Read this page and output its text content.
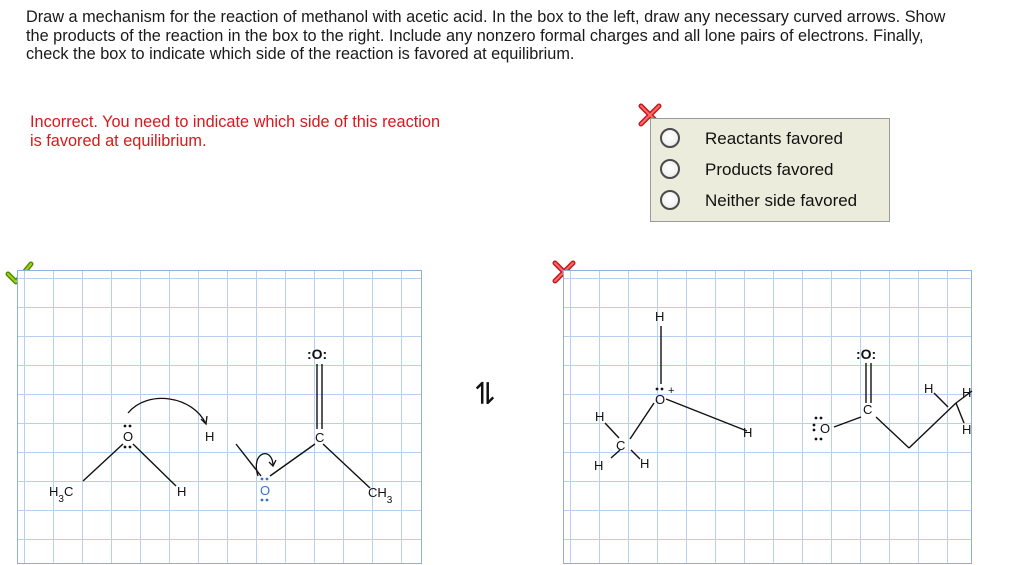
Draw a mechanism for the reaction of methanol with acetic acid. In the box to the left, draw any necessary curved arrows. Show the products of the reaction in the box to the right. Include any nonzero formal charges and all lone pairs of electrons. Finally, check the box to indicate which side of the reaction is favored at equilibrium.

Incorrect. You need to indicate which side of this reaction is favored at equilibrium.	Reactants favored
Products favored
Neither side favored
$H_3C$
O
H
H
O
:O:
C
$CH_3$
⇌
H
O
+
H
H
C
H	H
:O:
C
O
H H
H
